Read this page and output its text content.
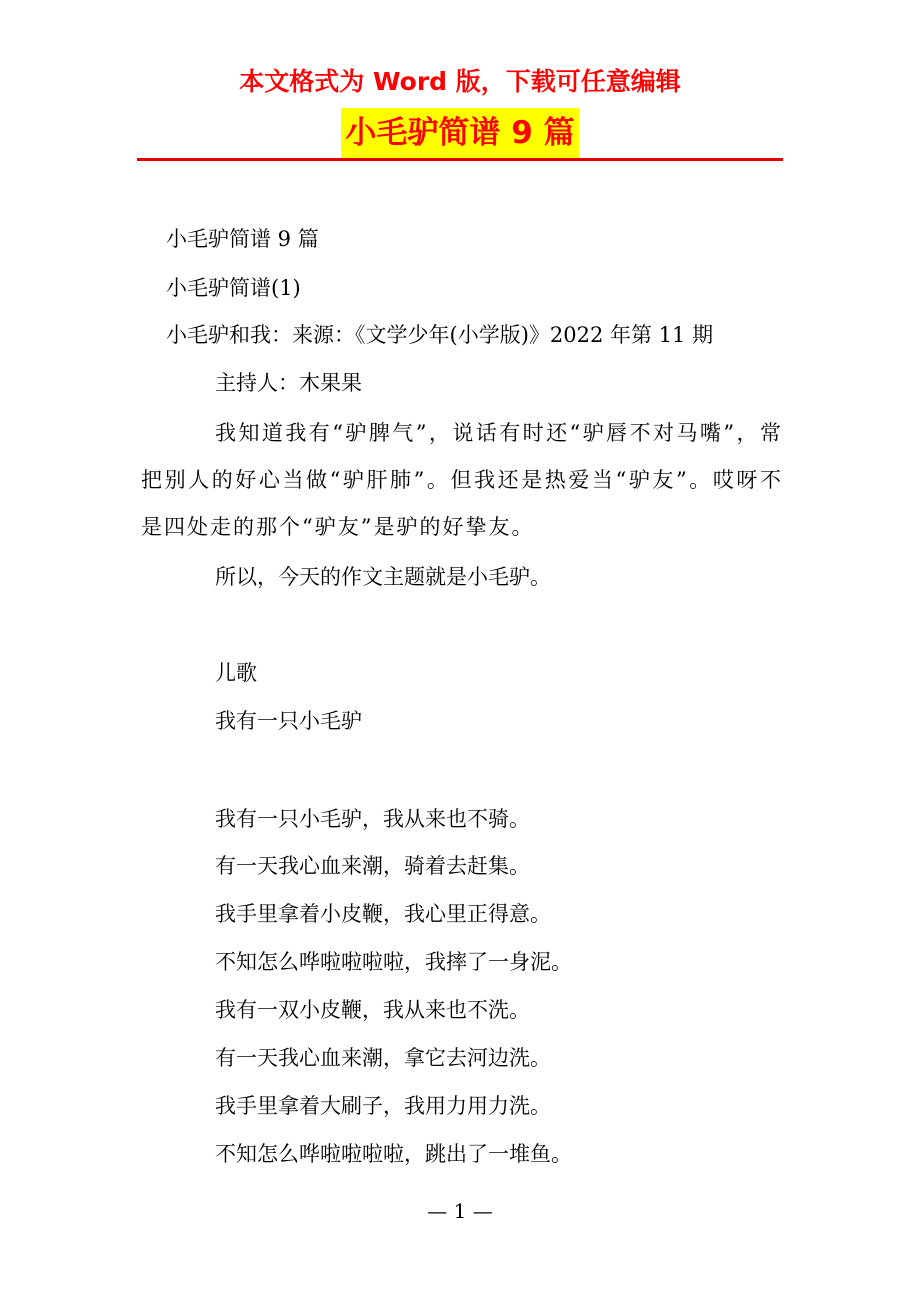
本文格式为 Word 版，下载可任意编辑
小毛驴简谱 9 篇
小毛驴简谱 9 篇
小毛驴简谱(1)
小毛驴和我：来源：《文学少年(小学版)》2022 年第 11 期
主持人：木果果
我知道我有“驴脾气”，说话有时还“驴唇不对马嘴”，常把别人的好心当做“驴肝肺”。但我还是热爱当“驴友”。哎呀不是四处走的那个“驴友”是驴的好挚友。
所以，今天的作文主题就是小毛驴。
儿歌
我有一只小毛驴
我有一只小毛驴，我从来也不骑。
有一天我心血来潮，骑着去赶集。
我手里拿着小皮鞭，我心里正得意。
不知怎么哗啦啦啦啦，我摔了一身泥。
我有一双小皮鞭，我从来也不洗。
有一天我心血来潮，拿它去河边洗。
我手里拿着大刷子，我用力用力洗。
不知怎么哗啦啦啦啦，跳出了一堆鱼。
— 1 —
